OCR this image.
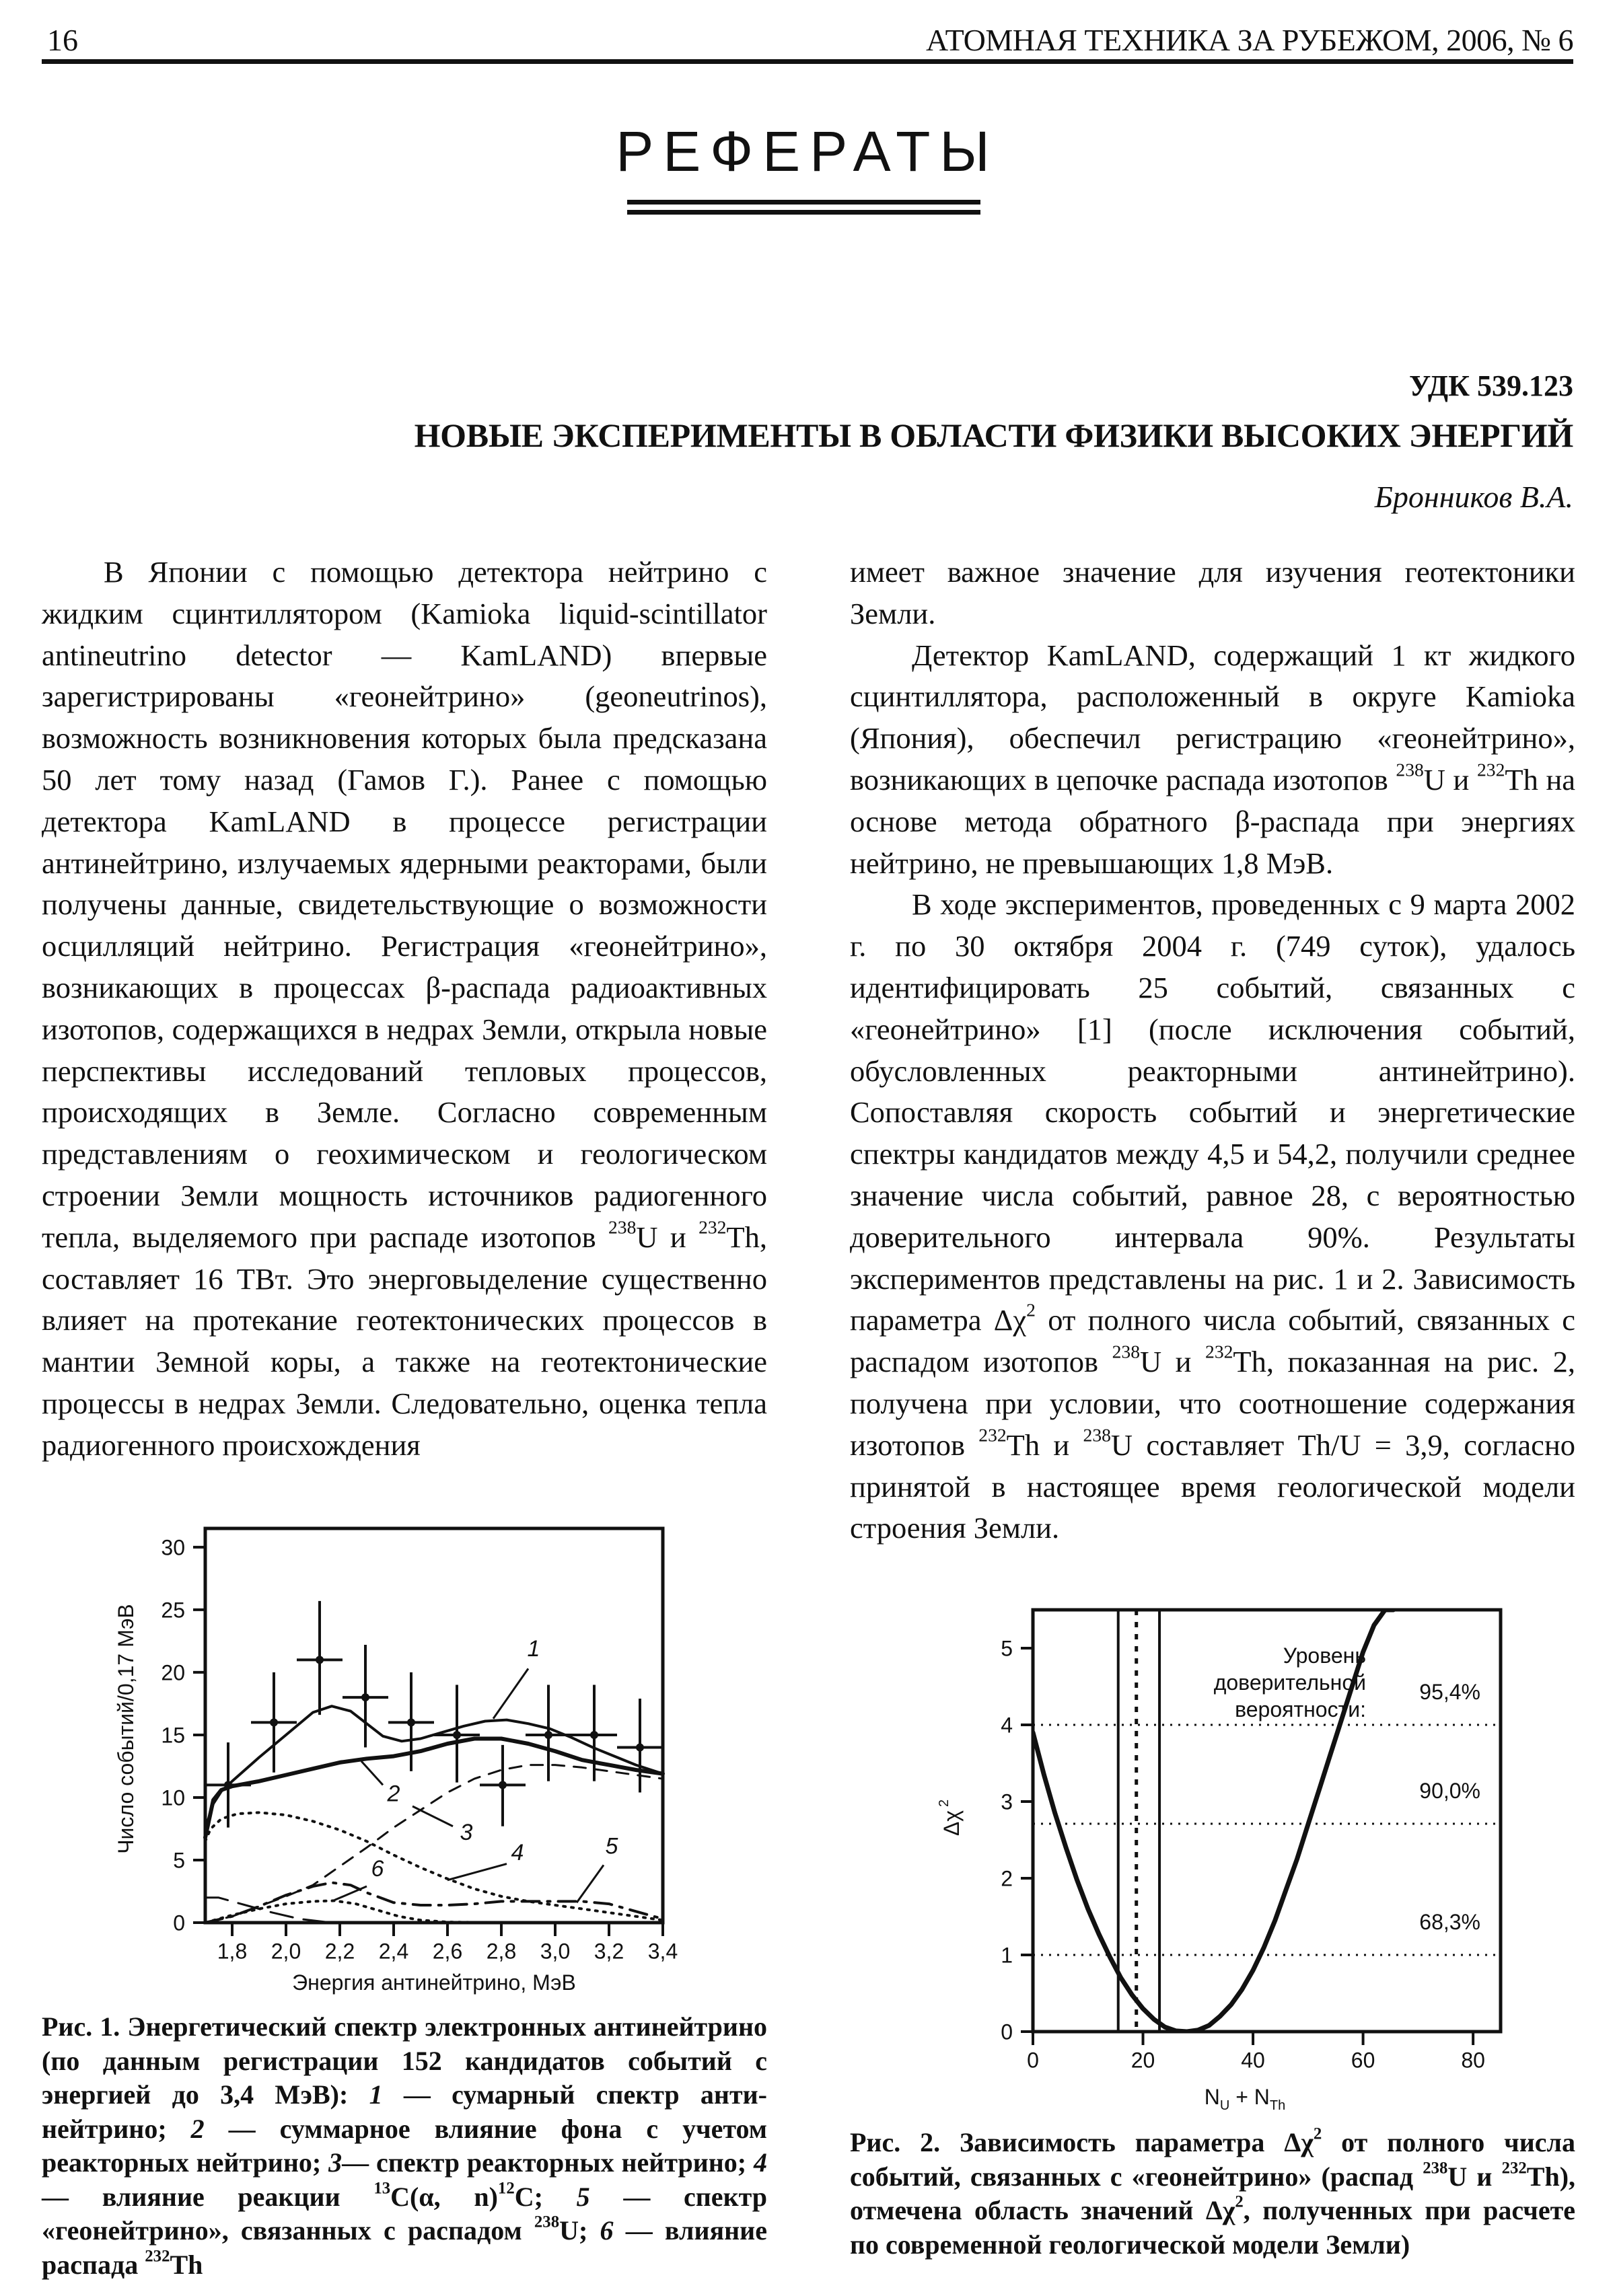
16	АТОМНАЯ ТЕХНИКА ЗА РУБЕЖОМ, 2006, № 6
РЕФЕРАТЫ
УДК 539.123
НОВЫЕ ЭКСПЕРИМЕНТЫ В ОБЛАСТИ ФИЗИКИ ВЫСОКИХ ЭНЕРГИЙ
Бронников В.А.

В Японии с помощью детектора нейтрино с жидким сцинтиллятором (Kamioka liquid-scintillator antineutrino detector — KamLAND) впервые зарегистрированы «геонейтрино» (geoneutrinos), возможность возникновения которых была предсказана 50 лет тому назад (Гамов Г.). Ранее с помощью детектора KamLAND в процессе регистрации антинейтрино, излучаемых ядерными реакторами, были получены данные, свидетельствующие о возможности осцилляций нейтрино. Регистрация «геонейтрино», возникающих в процессах β-распада радиоактивных изотопов, содержащихся в недрах Земли, открыла новые перспективы исследований тепловых процессов, происходящих в Земле. Согласно современным представлениям о геохимическом и геологическом строении Земли мощность источников радиогенного тепла, выделяемого при распаде изотопов $^{238}$U и $^{232}$Th, составляет 16 ТВт. Это энерговыделение существенно влияет на протекание геотектонических процессов в мантии Земной коры, а также на геотектонические процессы в недрах Земли. Следовательно, оценка тепла радиогенного происхождения

имеет важное значение для изучения геотектоники Земли.

Детектор KamLAND, содержащий 1 кт жидкого сцинтиллятора, расположенный в округе Kamioka (Япония), обеспечил регистрацию «геонейтрино», возникающих в цепочке распада изотопов $^{238}$U и $^{232}$Th на основе метода обратного β-распада при энергиях нейтрино, не превышающих 1,8 МэВ.

В ходе экспериментов, проведенных с 9 марта 2002 г. по 30 октября 2004 г. (749 суток), удалось идентифицировать 25 событий, связанных с «геонейтрино» [1] (после исключения событий, обусловленных реакторными антинейтрино). Сопоставляя скорость событий и энергетические спектры кандидатов между 4,5 и 54,2, получили среднее значение числа событий, равное 28, с вероятностью доверительного интервала 90%. Результаты экспериментов представлены на рис. 1 и 2. Зависимость параметра $\Delta\chi^2$ от полного числа событий, связанных с распадом изотопов $^{238}$U и $^{232}$Th, показанная на рис. 2, получена при условии, что соотношение содержания изотопов $^{232}$Th и $^{238}$U составляет Th/U = 3,9, согласно принятой в настоящее время геологической модели строения Земли.

0
5
10
15
20
25
30
1,8 2,0 2,2 2,4 2,6 2,8 3,0 3,2 3,4
Энергия антинейтрино, МэВ
Число событий/0,17 МэВ	1
2
3
4	5
6
0
1
2
3
4
5
0	20	40	60	80
95,4%
90,0%
68,3%
Уровень
доверительной
вероятности:
Δχ
2
$N_U + N_{Th}$
Рис. 1. Энергетический спектр электронных антинейтрино (по данным регистрации 152 кандидатов событий с энергией до 3,4 МэВ): 1 — сумарный спектр антинейтрино; 2 — суммарное влияние фона с учетом реакторных нейтрино; 3— спектр реакторных нейтрино; 4 — влияние реакции $^{13}$C(α, n)$^{12}$C; 5 — спектр «геонейтрино», связанных с распадом $^{238}$U; 6 — влияние распада $^{232}$Th
Рис. 2. Зависимость параметра $\Delta\chi^2$ от полного числа событий, связанных с «геонейтрино» (распад $^{238}$U и $^{232}$Th), отмечена область значений $\Delta\chi^2$, полученных при расчете по современной геологической модели Земли)
